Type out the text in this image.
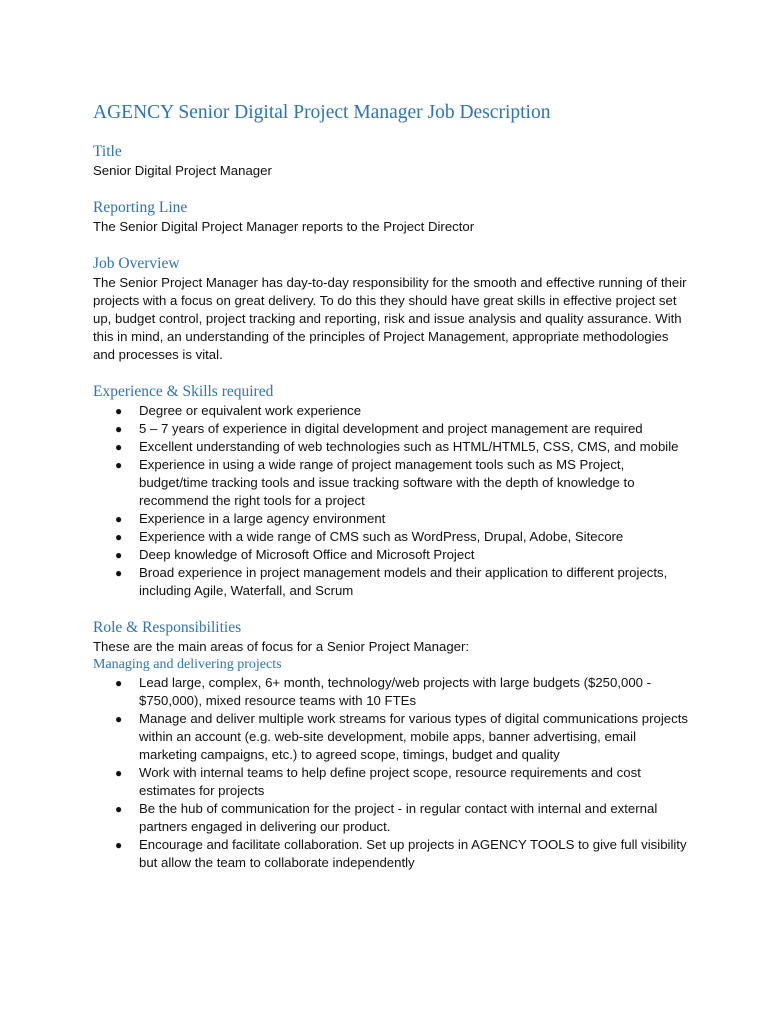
AGENCY Senior Digital Project Manager Job Description
Title

Senior Digital Project Manager

Reporting Line

The Senior Digital Project Manager reports to the Project Director

Job Overview

The Senior Project Manager has day-to-day responsibility for the smooth and effective running of their projects with a focus on great delivery. To do this they should have great skills in effective project set up, budget control, project tracking and reporting, risk and issue analysis and quality assurance. With this in mind, an understanding of the principles of Project Management, appropriate methodologies and processes is vital.

Experience & Skills required
● Degree or equivalent work experience
● 5 – 7 years of experience in digital development and project management are required
● Excellent understanding of web technologies such as HTML/HTML5, CSS, CMS, and mobile
● Experience in using a wide range of project management tools such as MS Project, budget/time tracking tools and issue tracking software with the depth of knowledge to recommend the right tools for a project
● Experience in a large agency environment
● Experience with a wide range of CMS such as WordPress, Drupal, Adobe, Sitecore
● Deep knowledge of Microsoft Office and Microsoft Project
● Broad experience in project management models and their application to different projects, including Agile, Waterfall, and Scrum
Role & Responsibilities

These are the main areas of focus for a Senior Project Manager:

Managing and delivering projects
● Lead large, complex, 6+ month, technology/web projects with large budgets ($250,000 - $750,000), mixed resource teams with 10 FTEs
● Manage and deliver multiple work streams for various types of digital communications projects within an account (e.g. web-site development, mobile apps, banner advertising, email marketing campaigns, etc.) to agreed scope, timings, budget and quality
● Work with internal teams to help define project scope, resource requirements and cost estimates for projects
● Be the hub of communication for the project - in regular contact with internal and external partners engaged in delivering our product.
● Encourage and facilitate collaboration. Set up projects in AGENCY TOOLS to give full visibility but allow the team to collaborate independently
